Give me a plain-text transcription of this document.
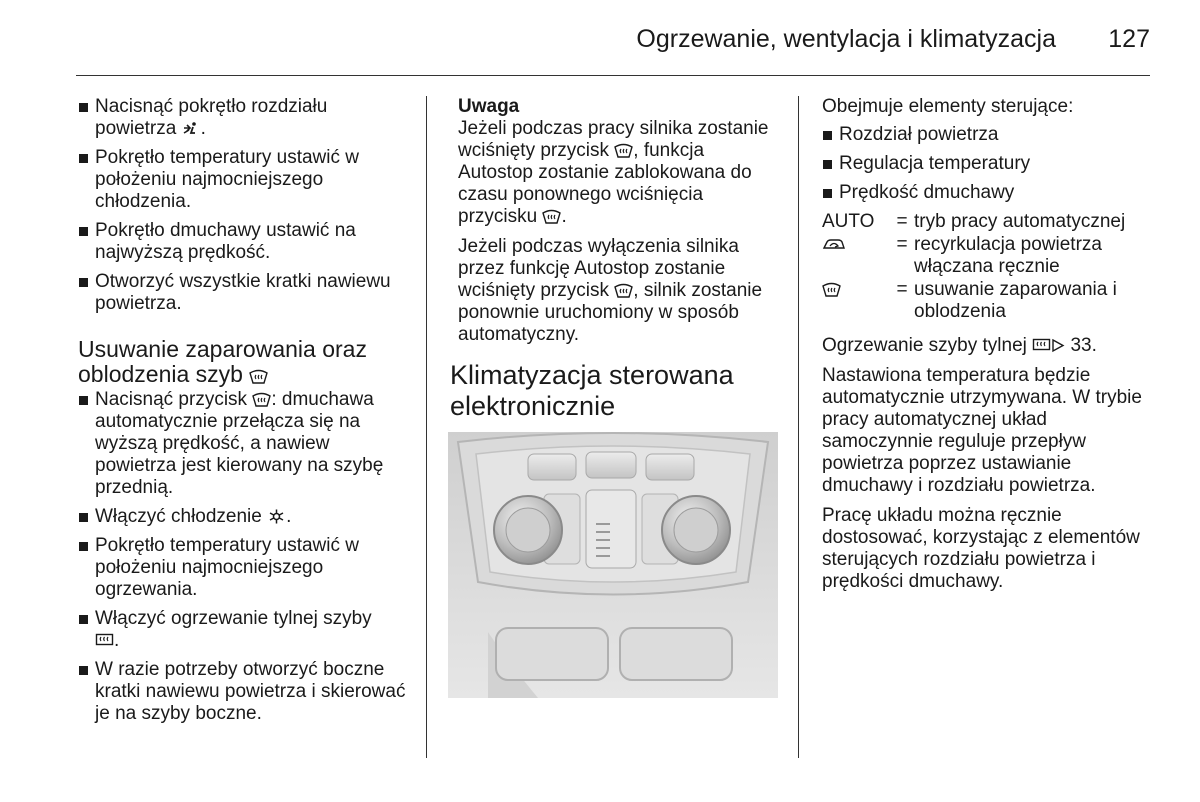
Ogrzewanie, wentylacja i klimatyzacja	127
Nacisnąć pokrętło rozdziału powietrza .
Pokrętło temperatury ustawić w położeniu najmocniejszego chłodzenia.
Pokrętło dmuchawy ustawić na najwyższą prędkość.
Otworzyć wszystkie kratki nawiewu powietrza.
Usuwanie zaparowania oraz oblodzenia szyb
Nacisnąć przycisk : dmuchawa automatycznie przełącza się na wyższą prędkość, a nawiew powietrza jest kierowany na szybę przednią.
Włączyć chłodzenie .
Pokrętło temperatury ustawić w położeniu najmocniejszego ogrzewania.
Włączyć ogrzewanie tylnej szyby

.
W razie potrzeby otworzyć boczne kratki nawiewu powietrza i skierować je na szyby boczne.
Uwaga

Jeżeli podczas pracy silnika zostanie wciśnięty przycisk , funkcja Autostop zostanie zablokowana do czasu ponownego wciśnięcia przycisku .

Jeżeli podczas wyłączenia silnika przez funkcję Autostop zostanie wciśnięty przycisk , silnik zostanie ponownie uruchomiony w sposób automatyczny.

Klimatyzacja sterowana elektronicznie

Obejmuje elementy sterujące:

Rozdział powietrza
Regulacja temperatury
Prędkość dmuchawy
AUTO	= tryb pracy automatycznej
= recyrkulacja powietrza włączana ręcznie
= usuwanie zaparowania i oblodzenia

Ogrzewanie szyby tylnej 33.

Nastawiona temperatura będzie automatycznie utrzymywana. W trybie pracy automatycznej układ samoczynnie reguluje przepływ powietrza poprzez ustawianie dmuchawy i rozdziału powietrza.

Pracę układu można ręcznie dostosować, korzystając z elementów sterujących rozdziału powietrza i prędkości dmuchawy.
